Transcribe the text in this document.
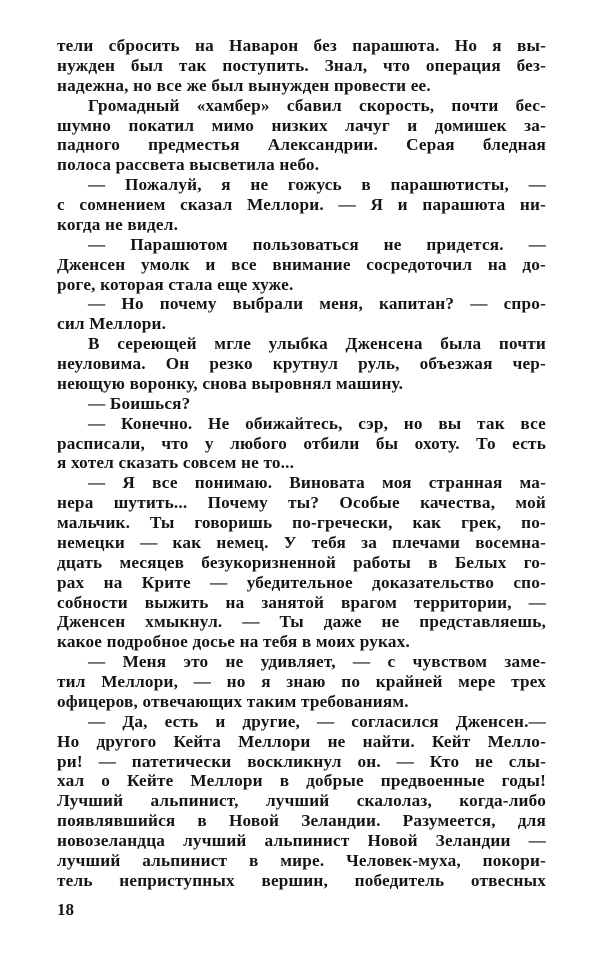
тели сбросить на Наварон без парашюта. Но я вы-
нужден был так поступить. Знал, что операция без-
надежна, но все же был вынужден провести ее.
Громадный «хамбер» сбавил скорость, почти бес-
шумно покатил мимо низких лачуг и домишек за-
падного предместья Александрии. Серая бледная
полоса рассвета высветила небо.
— Пожалуй, я не гожусь в парашютисты, —
с сомнением сказал Меллори. — Я и парашюта ни-
когда не видел.
— Парашютом пользоваться не придется. —
Дженсен умолк и все внимание сосредоточил на до-
роге, которая стала еще хуже.
— Но почему выбрали меня, капитан? — спро-
сил Меллори.
В сереющей мгле улыбка Дженсена была почти
неуловима. Он резко крутнул руль, объезжая чер-
неющую воронку, снова выровнял машину.
— Боишься?
— Конечно. Не обижайтесь, сэр, но вы так все
расписали, что у любого отбили бы охоту. То есть
я хотел сказать совсем не то...
— Я все понимаю. Виновата моя странная ма-
нера шутить... Почему ты? Особые качества, мой
мальчик. Ты говоришь по-гречески, как грек, по-
немецки — как немец. У тебя за плечами восемна-
дцать месяцев безукоризненной работы в Белых го-
рах на Крите — убедительное доказательство спо-
собности выжить на занятой врагом территории, —
Дженсен хмыкнул. — Ты даже не представляешь,
какое подробное досье на тебя в моих руках.
— Меня это не удивляет, — с чувством заме-
тил Меллори, — но я знаю по крайней мере трех
офицеров, отвечающих таким требованиям.
— Да, есть и другие, — согласился Дженсен.—
Но другого Кейта Меллори не найти. Кейт Мелло-
ри! — патетически воскликнул он. — Кто не слы-
хал о Кейте Меллори в добрые предвоенные годы!
Лучший альпинист, лучший скалолаз, когда-либо
появлявшийся в Новой Зеландии. Разумеется, для
новозеландца лучший альпинист Новой Зеландии —
лучший альпинист в мире. Человек-муха, покори-
тель неприступных вершин, победитель отвесных
18
